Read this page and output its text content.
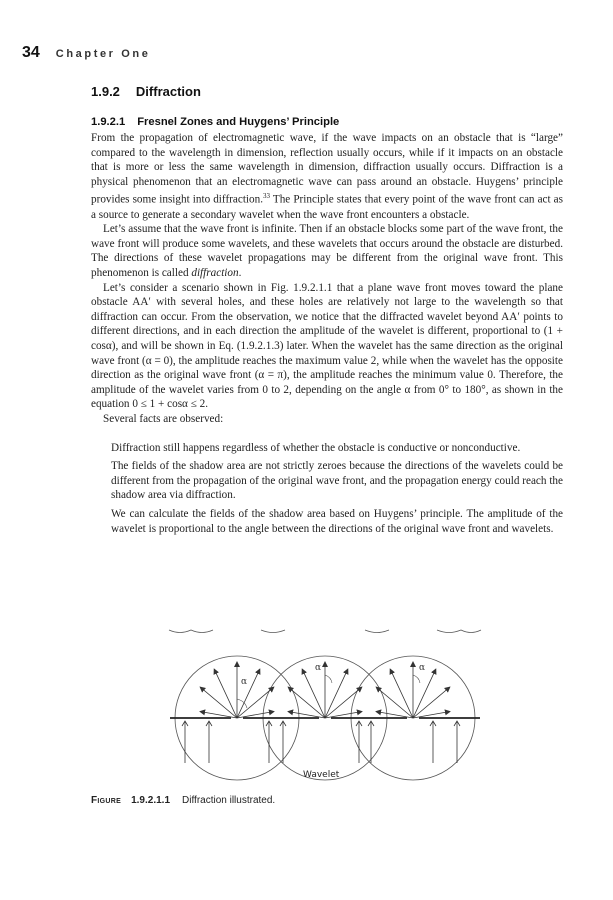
34 Chapter One
1.9.2 Diffraction
1.9.2.1 Fresnel Zones and Huygens’ Principle

From the propagation of electromagnetic wave, if the wave impacts on an obstacle that is “large” compared to the wavelength in dimension, reflection usually occurs, while if it impacts on an obstacle that is more or less the same wavelength in dimension, diffraction usually occurs. Diffraction is a physical phenomenon that an electromagnetic wave can pass around an obstacle. Huygens’ principle provides some insight into diffraction.$^{33}$ The Principle states that every point of the wave front can act as a source to generate a secondary wavelet when the wave front encounters a obstacle.

Let’s assume that the wave front is infinite. Then if an obstacle blocks some part of the wave front, the wave front will produce some wavelets, and these wavelets that occurs around the obstacle are disturbed. The directions of these wavelet propagations may be different from the original wave front. This phenomenon is called diffraction.

Let’s consider a scenario shown in Fig. 1.9.2.1.1 that a plane wave front moves toward the plane obstacle AA′ with several holes, and these holes are relatively not large to the wavelength so that diffraction can occur. From the observation, we notice that the diffracted wavelet beyond AA′ points to different directions, and in each direction the amplitude of the wavelet is different, proportional to (1 + cosα), and will be shown in Eq. (1.9.2.1.3) later. When the wavelet has the same direction as the original wave front (α = 0), the amplitude reaches the maximum value 2, while when the wavelet has the opposite direction as the original wave front (α = π), the amplitude reaches the minimum value 0. Therefore, the amplitude of the wavelet varies from 0 to 2, depending on the angle α from 0° to 180°, as shown in the equation 0 ≤ 1 + cosα ≤ 2.

Several facts are observed:

Diffraction still happens regardless of whether the obstacle is conductive or nonconductive.
The fields of the shadow area are not strictly zeroes because the directions of the wavelets could be different from the propagation of the original wave front, and the propagation energy could reach the shadow area via diffraction.
We can calculate the fields of the shadow area based on Huygens’ principle. The amplitude of the wavelet is proportional to the angle between the directions of the original wave front and wavelets.
α
α	α
Wavelet
Figure 1.9.2.1.1 Diffraction illustrated.
